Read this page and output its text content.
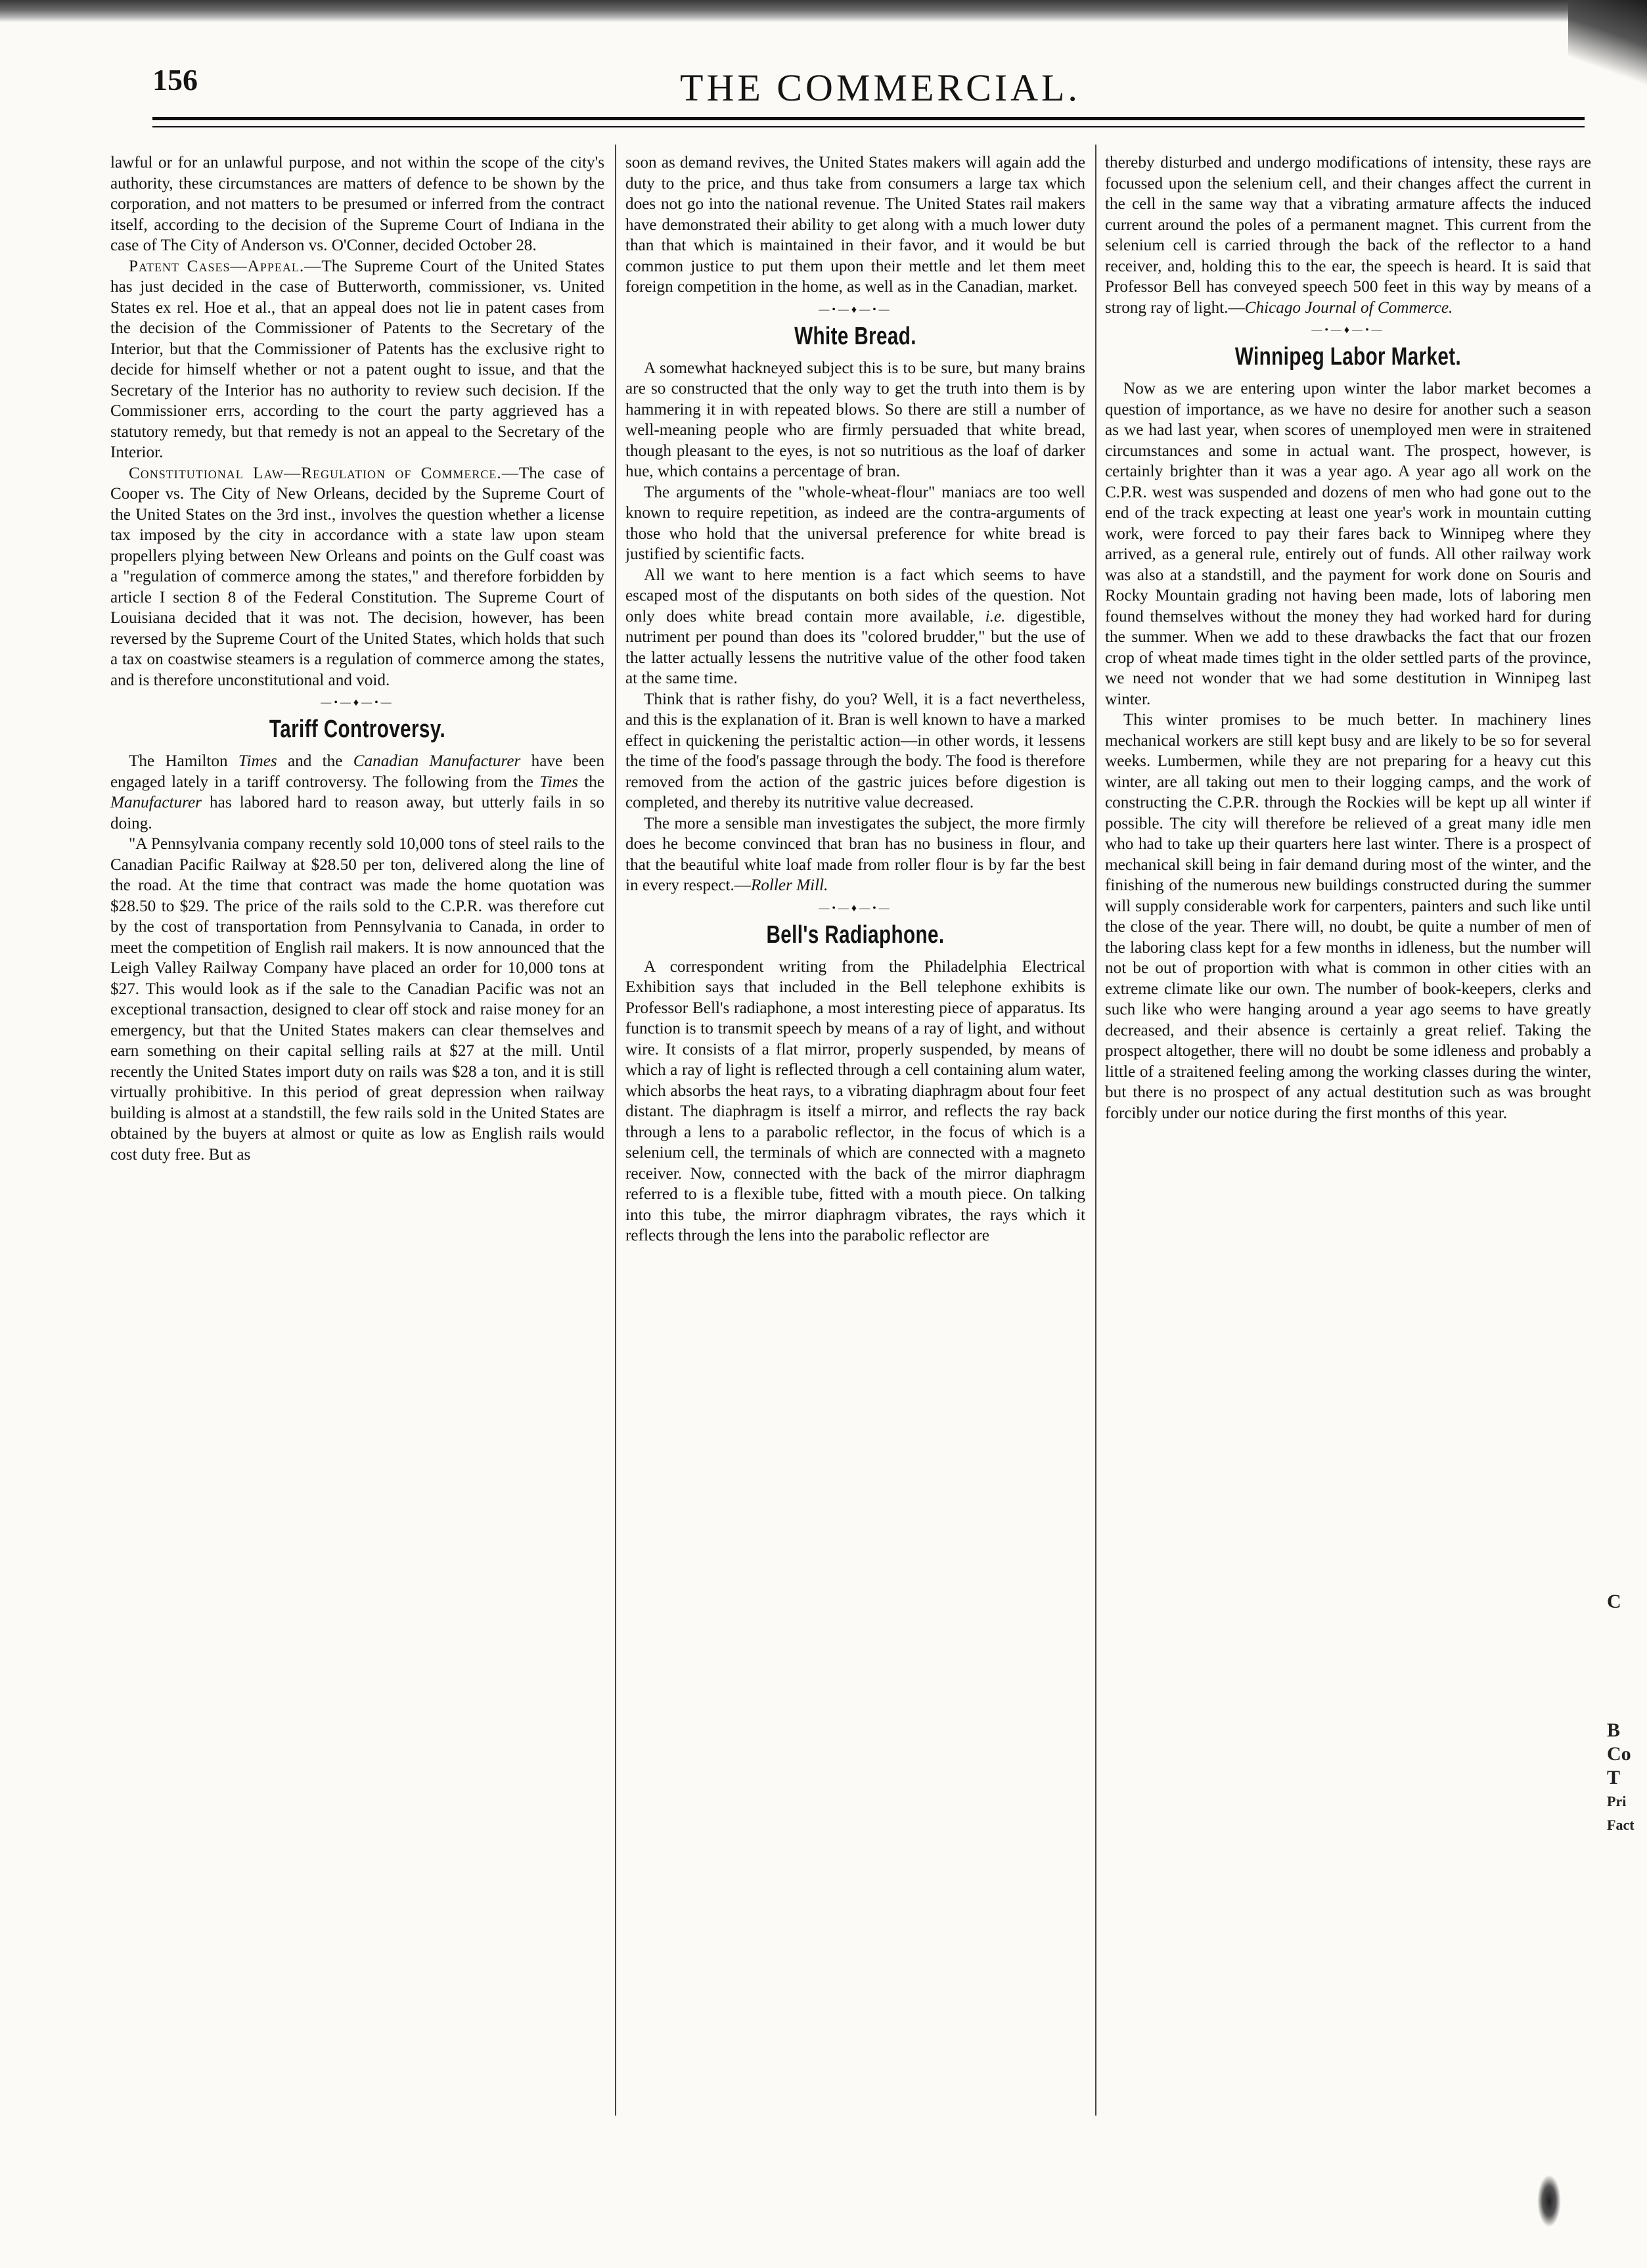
156	THE COMMERCIAL.

lawful or for an unlawful purpose, and not within the scope of the city's authority, these circumstances are matters of defence to be shown by the corporation, and not matters to be presumed or inferred from the contract itself, according to the decision of the Supreme Court of Indiana in the case of The City of Anderson vs. O'Conner, decided October 28.

Patent Cases—Appeal.—The Supreme Court of the United States has just decided in the case of Butterworth, commissioner, vs. United States ex rel. Hoe et al., that an appeal does not lie in patent cases from the decision of the Commissioner of Patents to the Secretary of the Interior, but that the Commissioner of Patents has the exclusive right to decide for himself whether or not a patent ought to issue, and that the Secretary of the Interior has no authority to review such decision. If the Commissioner errs, according to the court the party aggrieved has a statutory remedy, but that remedy is not an appeal to the Secretary of the Interior.

Constitutional Law—Regulation of Commerce.—The case of Cooper vs. The City of New Orleans, decided by the Supreme Court of the United States on the 3rd inst., involves the question whether a license tax imposed by the city in accordance with a state law upon steam propellers plying between New Orleans and points on the Gulf coast was a "regulation of commerce among the states," and therefore forbidden by article I section 8 of the Federal Constitution. The Supreme Court of Louisiana decided that it was not. The decision, however, has been reversed by the Supreme Court of the United States, which holds that such a tax on coastwise steamers is a regulation of commerce among the states, and is therefore unconstitutional and void.

—•—♦—•—
Tariff Controversy.

The Hamilton Times and the Canadian Manufacturer have been engaged lately in a tariff controversy. The following from the Times the Manufacturer has labored hard to reason away, but utterly fails in so doing.

"A Pennsylvania company recently sold 10,000 tons of steel rails to the Canadian Pacific Railway at $28.50 per ton, delivered along the line of the road. At the time that contract was made the home quotation was $28.50 to $29. The price of the rails sold to the C.P.R. was therefore cut by the cost of transportation from Pennsylvania to Canada, in order to meet the competition of English rail makers. It is now announced that the Leigh Valley Railway Company have placed an order for 10,000 tons at $27. This would look as if the sale to the Canadian Pacific was not an exceptional transaction, designed to clear off stock and raise money for an emergency, but that the United States makers can clear themselves and earn something on their capital selling rails at $27 at the mill. Until recently the United States import duty on rails was $28 a ton, and it is still virtually prohibitive. In this period of great depression when railway building is almost at a standstill, the few rails sold in the United States are obtained by the buyers at almost or quite as low as English rails would cost duty free. But as

soon as demand revives, the United States makers will again add the duty to the price, and thus take from consumers a large tax which does not go into the national revenue. The United States rail makers have demonstrated their ability to get along with a much lower duty than that which is maintained in their favor, and it would be but common justice to put them upon their mettle and let them meet foreign competition in the home, as well as in the Canadian, market.

—•—♦—•—
White Bread.

A somewhat hackneyed subject this is to be sure, but many brains are so constructed that the only way to get the truth into them is by hammering it in with repeated blows. So there are still a number of well-meaning people who are firmly persuaded that white bread, though pleasant to the eyes, is not so nutritious as the loaf of darker hue, which contains a percentage of bran.

The arguments of the "whole-wheat-flour" maniacs are too well known to require repetition, as indeed are the contra-arguments of those who hold that the universal preference for white bread is justified by scientific facts.

All we want to here mention is a fact which seems to have escaped most of the disputants on both sides of the question. Not only does white bread contain more available, i.e. digestible, nutriment per pound than does its "colored brudder," but the use of the latter actually lessens the nutritive value of the other food taken at the same time.

Think that is rather fishy, do you? Well, it is a fact nevertheless, and this is the explanation of it. Bran is well known to have a marked effect in quickening the peristaltic action—in other words, it lessens the time of the food's passage through the body. The food is therefore removed from the action of the gastric juices before digestion is completed, and thereby its nutritive value decreased.

The more a sensible man investigates the subject, the more firmly does he become convinced that bran has no business in flour, and that the beautiful white loaf made from roller flour is by far the best in every respect.—Roller Mill.

—•—♦—•—
Bell's Radiaphone.

A correspondent writing from the Philadelphia Electrical Exhibition says that included in the Bell telephone exhibits is Professor Bell's radiaphone, a most interesting piece of apparatus. Its function is to transmit speech by means of a ray of light, and without wire. It consists of a flat mirror, properly suspended, by means of which a ray of light is reflected through a cell containing alum water, which absorbs the heat rays, to a vibrating diaphragm about four feet distant. The diaphragm is itself a mirror, and reflects the ray back through a lens to a parabolic reflector, in the focus of which is a selenium cell, the terminals of which are connected with a magneto receiver. Now, connected with the back of the mirror diaphragm referred to is a flexible tube, fitted with a mouth piece. On talking into this tube, the mirror diaphragm vibrates, the rays which it reflects through the lens into the parabolic reflector are

thereby disturbed and undergo modifications of intensity, these rays are focussed upon the selenium cell, and their changes affect the current in the cell in the same way that a vibrating armature affects the induced current around the poles of a permanent magnet. This current from the selenium cell is carried through the back of the reflector to a hand receiver, and, holding this to the ear, the speech is heard. It is said that Professor Bell has conveyed speech 500 feet in this way by means of a strong ray of light.—Chicago Journal of Commerce.

—•—♦—•—
Winnipeg Labor Market.

Now as we are entering upon winter the labor market becomes a question of importance, as we have no desire for another such a season as we had last year, when scores of unemployed men were in straitened circumstances and some in actual want. The prospect, however, is certainly brighter than it was a year ago. A year ago all work on the C.P.R. west was suspended and dozens of men who had gone out to the end of the track expecting at least one year's work in mountain cutting work, were forced to pay their fares back to Winnipeg where they arrived, as a general rule, entirely out of funds. All other railway work was also at a standstill, and the payment for work done on Souris and Rocky Mountain grading not having been made, lots of laboring men found themselves without the money they had worked hard for during the summer. When we add to these drawbacks the fact that our frozen crop of wheat made times tight in the older settled parts of the province, we need not wonder that we had some destitution in Winnipeg last winter.

This winter promises to be much better. In machinery lines mechanical workers are still kept busy and are likely to be so for several weeks. Lumbermen, while they are not preparing for a heavy cut this winter, are all taking out men to their logging camps, and the work of constructing the C.P.R. through the Rockies will be kept up all winter if possible. The city will therefore be relieved of a great many idle men who had to take up their quarters here last winter. There is a prospect of mechanical skill being in fair demand during most of the winter, and the finishing of the numerous new buildings constructed during the summer will supply considerable work for carpenters, painters and such like until the close of the year. There will, no doubt, be quite a number of men of the laboring class kept for a few months in idleness, but the number will not be out of proportion with what is common in other cities with an extreme climate like our own. The number of book-keepers, clerks and such like who were hanging around a year ago seems to have greatly decreased, and their absence is certainly a great relief. Taking the prospect altogether, there will no doubt be some idleness and probably a little of a straitened feeling among the working classes during the winter, but there is no prospect of any actual destitution such as was brought forcibly under our notice during the first months of this year.

C
B
Co
T
Pri
Fact
